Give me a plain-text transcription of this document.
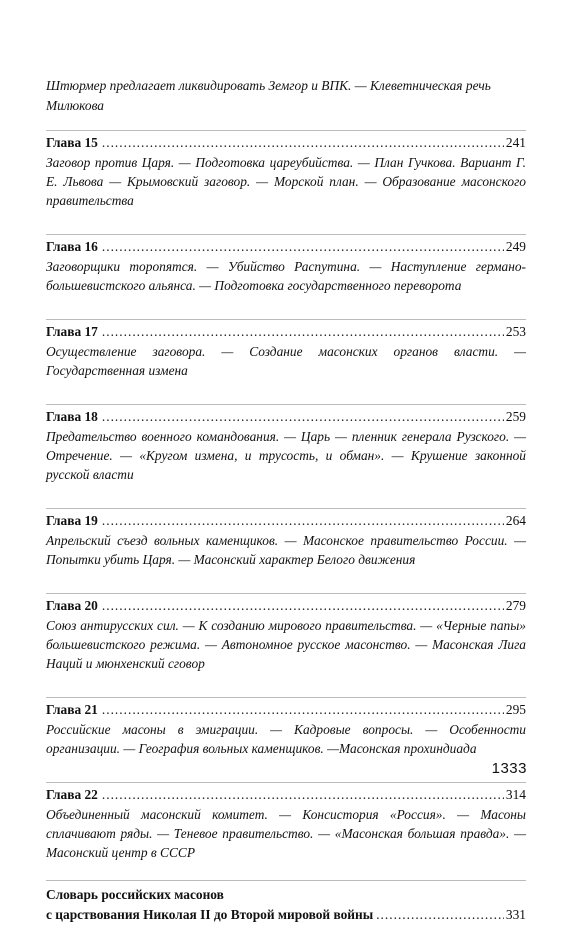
Штюрмер предлагает ликвидировать Земгор и ВПК. — Клеветническая речь Милюкова
Глава 15 .....	241
Заговор против Царя. — Подготовка цареубийства. — План Гучкова. Вариант Г. Е. Львова — Крымовский заговор. — Морской план. — Образование масонского правительства
Глава 16 .....	249
Заговорщики торопятся. — Убийство Распутина. — Наступление германо-большевистского альянса. — Подготовка государственного переворота
Глава 17 .....	253
Осуществление заговора. — Создание масонских органов власти. — Государственная измена
Глава 18 .....	259
Предательство военного командования. — Царь — пленник генерала Рузского. — Отречение. — «Кругом измена, и трусость, и обман». — Крушение законной русской власти
Глава 19 .....	264
Апрельский съезд вольных каменщиков. — Масонское правительство России. — Попытки убить Царя. — Масонский характер Белого движения
Глава 20 .....	279
Союз антирусских сил. — К созданию мирового правительства. — «Черные папы» большевистского режима. — Автономное русское масонство. — Масонская Лига Наций и мюнхенский сговор
Глава 21 .....	295
Российские масоны в эмиграции. — Кадровые вопросы. — Особенности организации. — География вольных каменщиков. —Масонская прохиндиада
Глава 22 .....	314
Объединенный масонский комитет. — Консистория «Россия». — Масоны сплачивают ряды. — Теневое правительство. — «Масонская большая правда». — Масонский центр в СССР
Словарь российских масонов
с царствования Николая II до Второй мировой войны .....	331
1333
